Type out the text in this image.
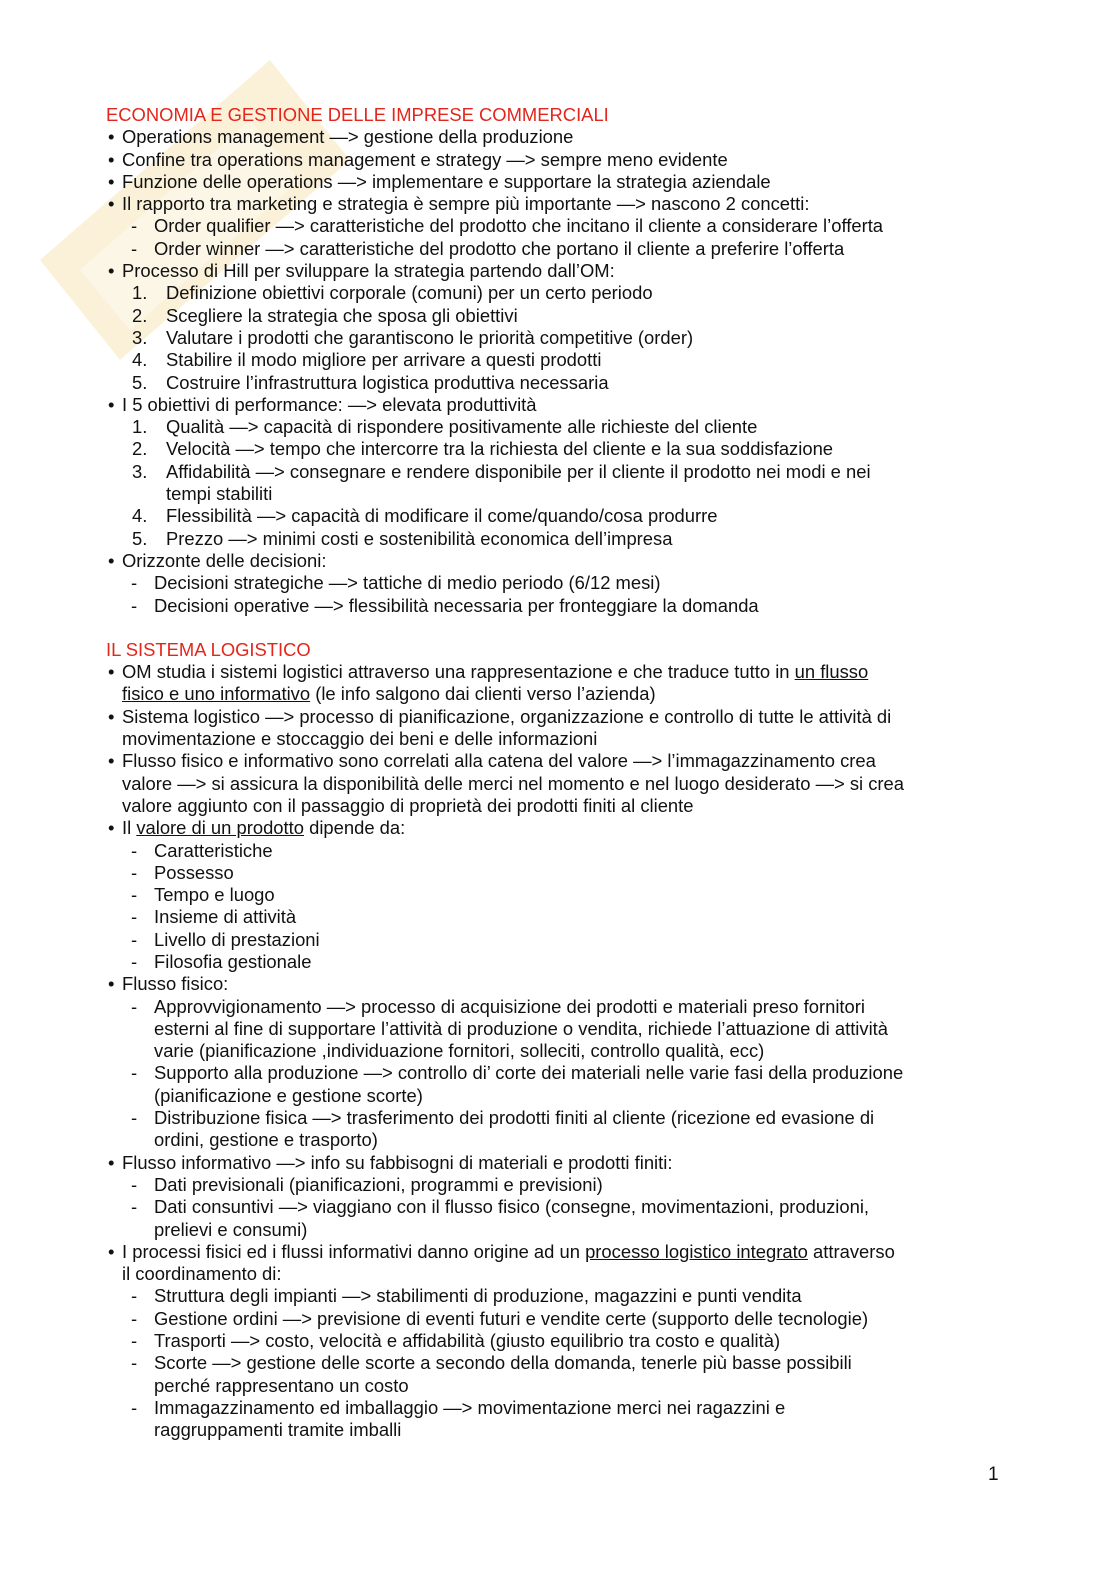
ECONOMIA E GESTIONE DELLE IMPRESE COMMERCIALI
• Operations management —> gestione della produzione
• Confine tra operations management e strategy —> sempre meno evidente
• Funzione delle operations —> implementare e supportare la strategia aziendale
• Il rapporto tra marketing e strategia è sempre più importante —> nascono 2 concetti:
- Order qualifier —> caratteristiche del prodotto che incitano il cliente a considerare l’offerta
- Order winner —> caratteristiche del prodotto che portano il cliente a preferire l’offerta
• Processo di Hill per sviluppare la strategia partendo dall’OM:
1. Definizione obiettivi corporale (comuni) per un certo periodo
2. Scegliere la strategia che sposa gli obiettivi
3. Valutare i prodotti che garantiscono le priorità competitive (order)
4. Stabilire il modo migliore per arrivare a questi prodotti
5. Costruire l’infrastruttura logistica produttiva necessaria
• I 5 obiettivi di performance: —> elevata produttività
1. Qualità —> capacità di rispondere positivamente alle richieste del cliente
2. Velocità —> tempo che intercorre tra la richiesta del cliente e la sua soddisfazione
3. Affidabilità —> consegnare e rendere disponibile per il cliente il prodotto nei modi e nei
tempi stabiliti
4. Flessibilità —> capacità di modificare il come/quando/cosa produrre
5. Prezzo —> minimi costi e sostenibilità economica dell’impresa
• Orizzonte delle decisioni:
- Decisioni strategiche —> tattiche di medio periodo (6/12 mesi)
- Decisioni operative —> flessibilità necessaria per fronteggiare la domanda
IL SISTEMA LOGISTICO
• OM studia i sistemi logistici attraverso una rappresentazione e che traduce tutto in un flusso
fisico e uno informativo (le info salgono dai clienti verso l’azienda)
• Sistema logistico —> processo di pianificazione, organizzazione e controllo di tutte le attività di
movimentazione e stoccaggio dei beni e delle informazioni
• Flusso fisico e informativo sono correlati alla catena del valore —> l’immagazzinamento crea
valore —> si assicura la disponibilità delle merci nel momento e nel luogo desiderato —> si crea
valore aggiunto con il passaggio di proprietà dei prodotti finiti al cliente
• Il valore di un prodotto dipende da:
- Caratteristiche
- Possesso
- Tempo e luogo
- Insieme di attività
- Livello di prestazioni
- Filosofia gestionale
• Flusso fisico:
- Approvvigionamento —> processo di acquisizione dei prodotti e materiali preso fornitori
esterni al fine di supportare l’attività di produzione o vendita, richiede l’attuazione di attività
varie (pianificazione ,individuazione fornitori, solleciti, controllo qualità, ecc)
- Supporto alla produzione —> controllo di’ corte dei materiali nelle varie fasi della produzione
(pianificazione e gestione scorte)
- Distribuzione fisica —> trasferimento dei prodotti finiti al cliente (ricezione ed evasione di
ordini, gestione e trasporto)
• Flusso informativo —> info su fabbisogni di materiali e prodotti finiti:
- Dati previsionali (pianificazioni, programmi e previsioni)
- Dati consuntivi —> viaggiano con il flusso fisico (consegne, movimentazioni, produzioni,
prelievi e consumi)
• I processi fisici ed i flussi informativi danno origine ad un processo logistico integrato attraverso
il coordinamento di:
- Struttura degli impianti —> stabilimenti di produzione, magazzini e punti vendita
- Gestione ordini —> previsione di eventi futuri e vendite certe (supporto delle tecnologie)
- Trasporti —> costo, velocità e affidabilità (giusto equilibrio tra costo e qualità)
- Scorte —> gestione delle scorte a secondo della domanda, tenerle più basse possibili
perché rappresentano un costo
- Immagazzinamento ed imballaggio —> movimentazione merci nei ragazzini e
raggruppamenti tramite imballi
1
